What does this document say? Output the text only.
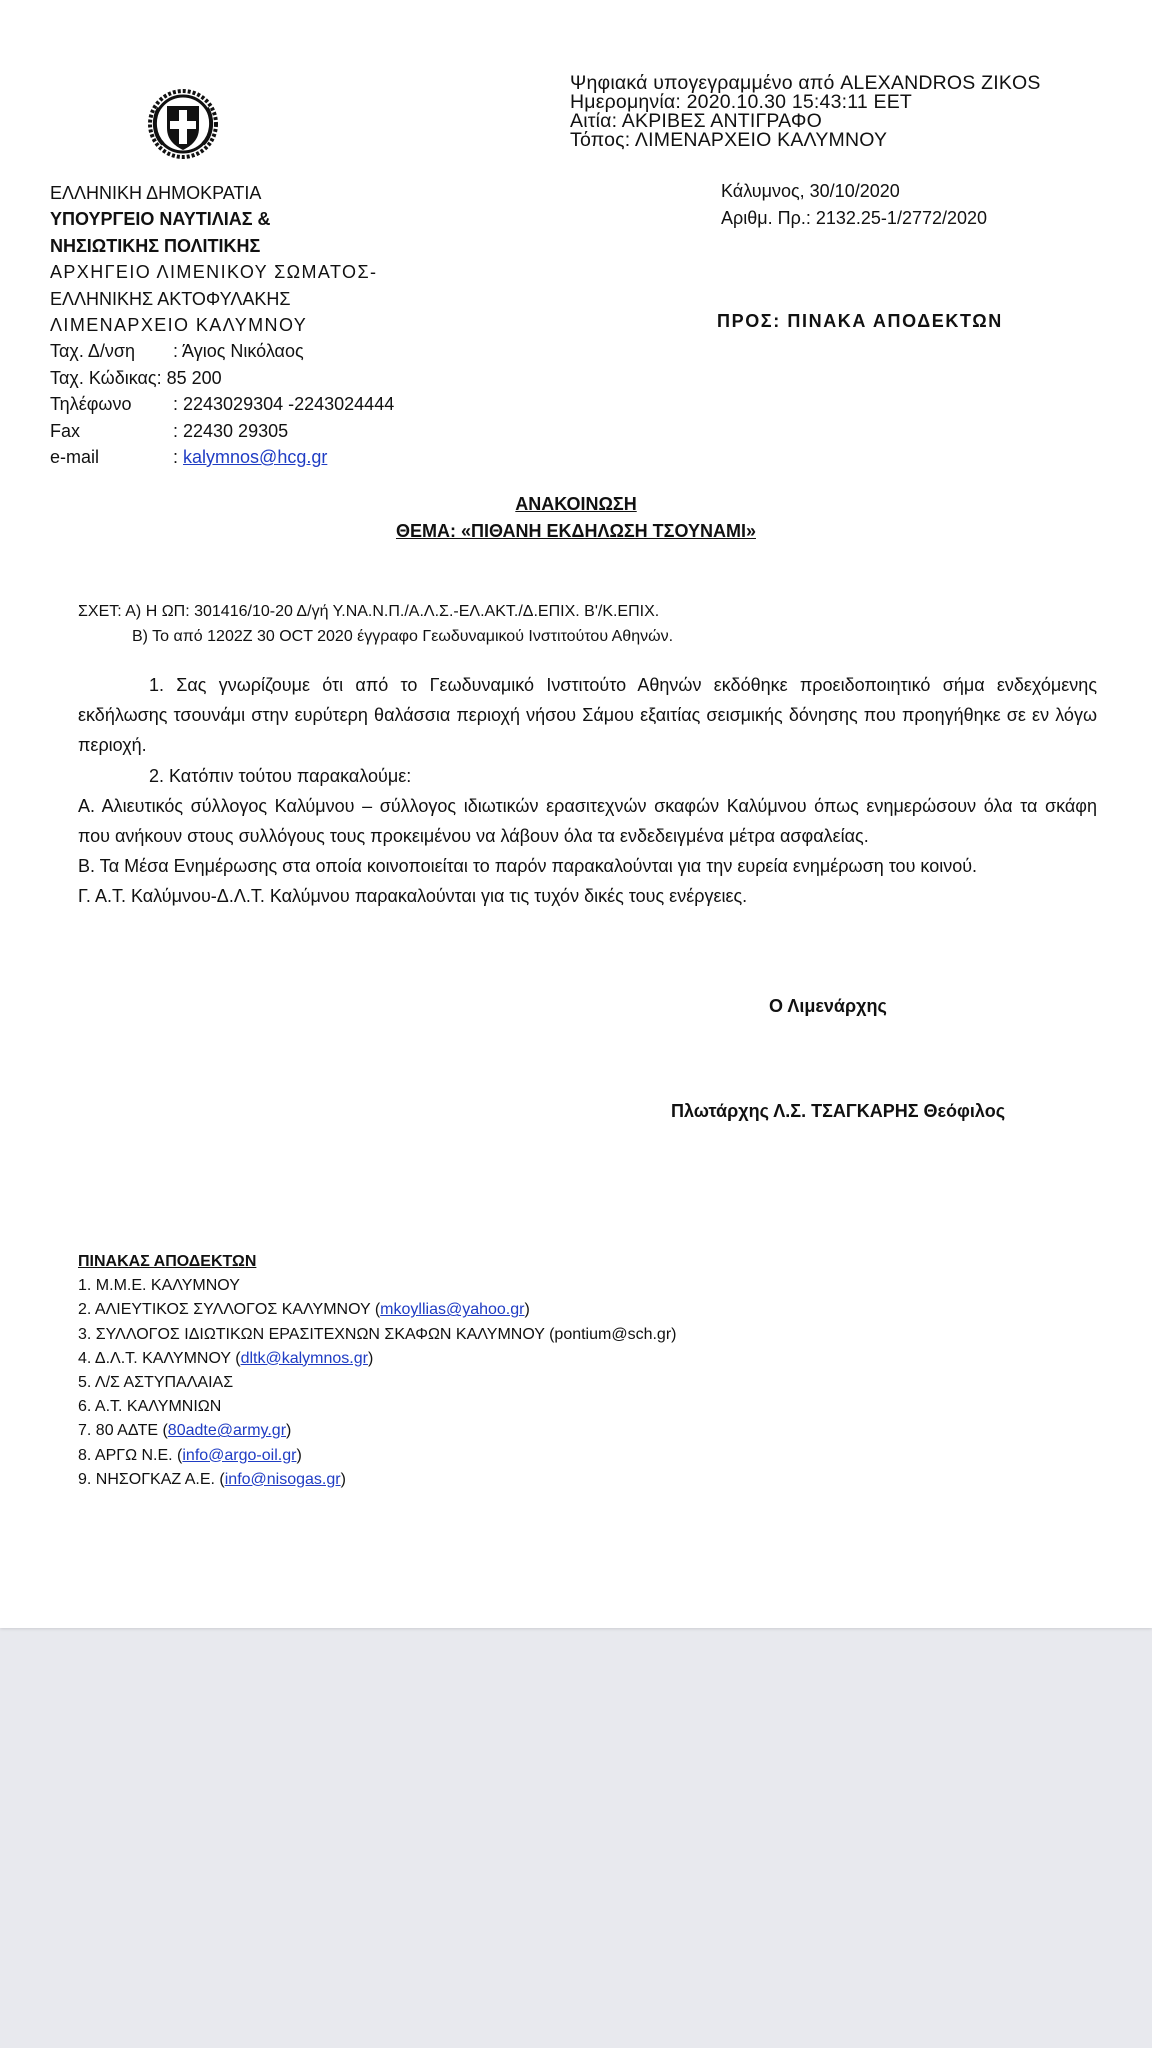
Ψηφιακά υπογεγραμμένο από ALEXANDROS ZIKOS
Ημερομηνία: 2020.10.30 15:43:11 EET
Αιτία: ΑΚΡΙΒΕΣ ΑΝΤΙΓΡΑΦΟ
Τόπος: ΛΙΜΕΝΑΡΧΕΙΟ ΚΑΛΥΜΝΟΥ
ΕΛΛΗΝΙΚΗ ΔΗΜΟΚΡΑΤΙΑ
ΥΠΟΥΡΓΕΙΟ ΝΑΥΤΙΛΙΑΣ &
ΝΗΣΙΩΤΙΚΗΣ ΠΟΛΙΤΙΚΗΣ
ΑΡΧΗΓΕΙΟ ΛΙΜΕΝΙΚΟΥ ΣΩΜΑΤΟΣ-
ΕΛΛΗΝΙΚΗΣ ΑΚΤΟΦΥΛΑΚΗΣ
ΛΙΜΕΝΑΡΧΕΙΟ ΚΑΛΥΜΝΟΥ
Ταχ. Δ/νση : Άγιος Νικόλαος
Ταχ. Κώδικας: 85 200
Τηλέφωνο : 2243029304 -2243024444
Fax	: 22430 29305
e-mail	: kalymnos@hcg.gr
Κάλυμνος, 30/10/2020
Αριθμ. Πρ.: 2132.25-1/2772/2020
ΠΡΟΣ: ΠΙΝΑΚΑ ΑΠΟΔΕΚΤΩΝ
ΑΝΑΚΟΙΝΩΣΗ
ΘΕΜΑ: «ΠΙΘΑΝΗ ΕΚΔΗΛΩΣΗ ΤΣΟΥΝΑΜΙ»
ΣΧΕΤ: Α) Η ΩΠ: 301416/10-20 Δ/γή Υ.ΝΑ.Ν.Π./Α.Λ.Σ.-ΕΛ.ΑΚΤ./Δ.ΕΠΙΧ. Β'/Κ.ΕΠΙΧ.
Β) Το από 1202Ζ 30 OCT 2020 έγγραφο Γεωδυναμικού Ινστιτούτου Αθηνών.

1. Σας γνωρίζουμε ότι από το Γεωδυναμικό Ινστιτούτο Αθηνών εκδόθηκε προειδοποιητικό σήμα ενδεχόμενης εκδήλωσης τσουνάμι στην ευρύτερη θαλάσσια περιοχή νήσου Σάμου εξαιτίας σεισμικής δόνησης που προηγήθηκε σε εν λόγω περιοχή.

2. Κατόπιν τούτου παρακαλούμε:

Α. Αλιευτικός σύλλογος Καλύμνου – σύλλογος ιδιωτικών ερασιτεχνών σκαφών Καλύμνου όπως ενημερώσουν όλα τα σκάφη που ανήκουν στους συλλόγους τους προκειμένου να λάβουν όλα τα ενδεδειγμένα μέτρα ασφαλείας.

Β. Τα Μέσα Ενημέρωσης στα οποία κοινοποιείται το παρόν παρακαλούνται για την ευρεία ενημέρωση του κοινού.

Γ. Α.Τ. Καλύμνου-Δ.Λ.Τ. Καλύμνου παρακαλούνται για τις τυχόν δικές τους ενέργειες.

Ο Λιμενάρχης
Πλωτάρχης Λ.Σ. ΤΣΑΓΚΑΡΗΣ Θεόφιλος
ΠΙΝΑΚΑΣ ΑΠΟΔΕΚΤΩΝ
1. Μ.Μ.Ε. ΚΑΛΥΜΝΟΥ
2. ΑΛΙΕΥΤΙΚΟΣ ΣΥΛΛΟΓΟΣ ΚΑΛΥΜΝΟΥ (mkoyllias@yahoo.gr)
3. ΣΥΛΛΟΓΟΣ ΙΔΙΩΤΙΚΩΝ ΕΡΑΣΙΤΕΧΝΩΝ ΣΚΑΦΩΝ ΚΑΛΥΜΝΟΥ (pontium@sch.gr)
4. Δ.Λ.Τ. ΚΑΛΥΜΝΟΥ (dltk@kalymnos.gr)
5. Λ/Σ ΑΣΤΥΠΑΛΑΙΑΣ
6. Α.Τ. ΚΑΛΥΜΝΙΩΝ
7. 80 ΑΔΤΕ (80adte@army.gr)
8. ΑΡΓΩ Ν.Ε. (info@argo-oil.gr)
9. ΝΗΣΟΓΚΑΖ Α.Ε. (info@nisogas.gr)
